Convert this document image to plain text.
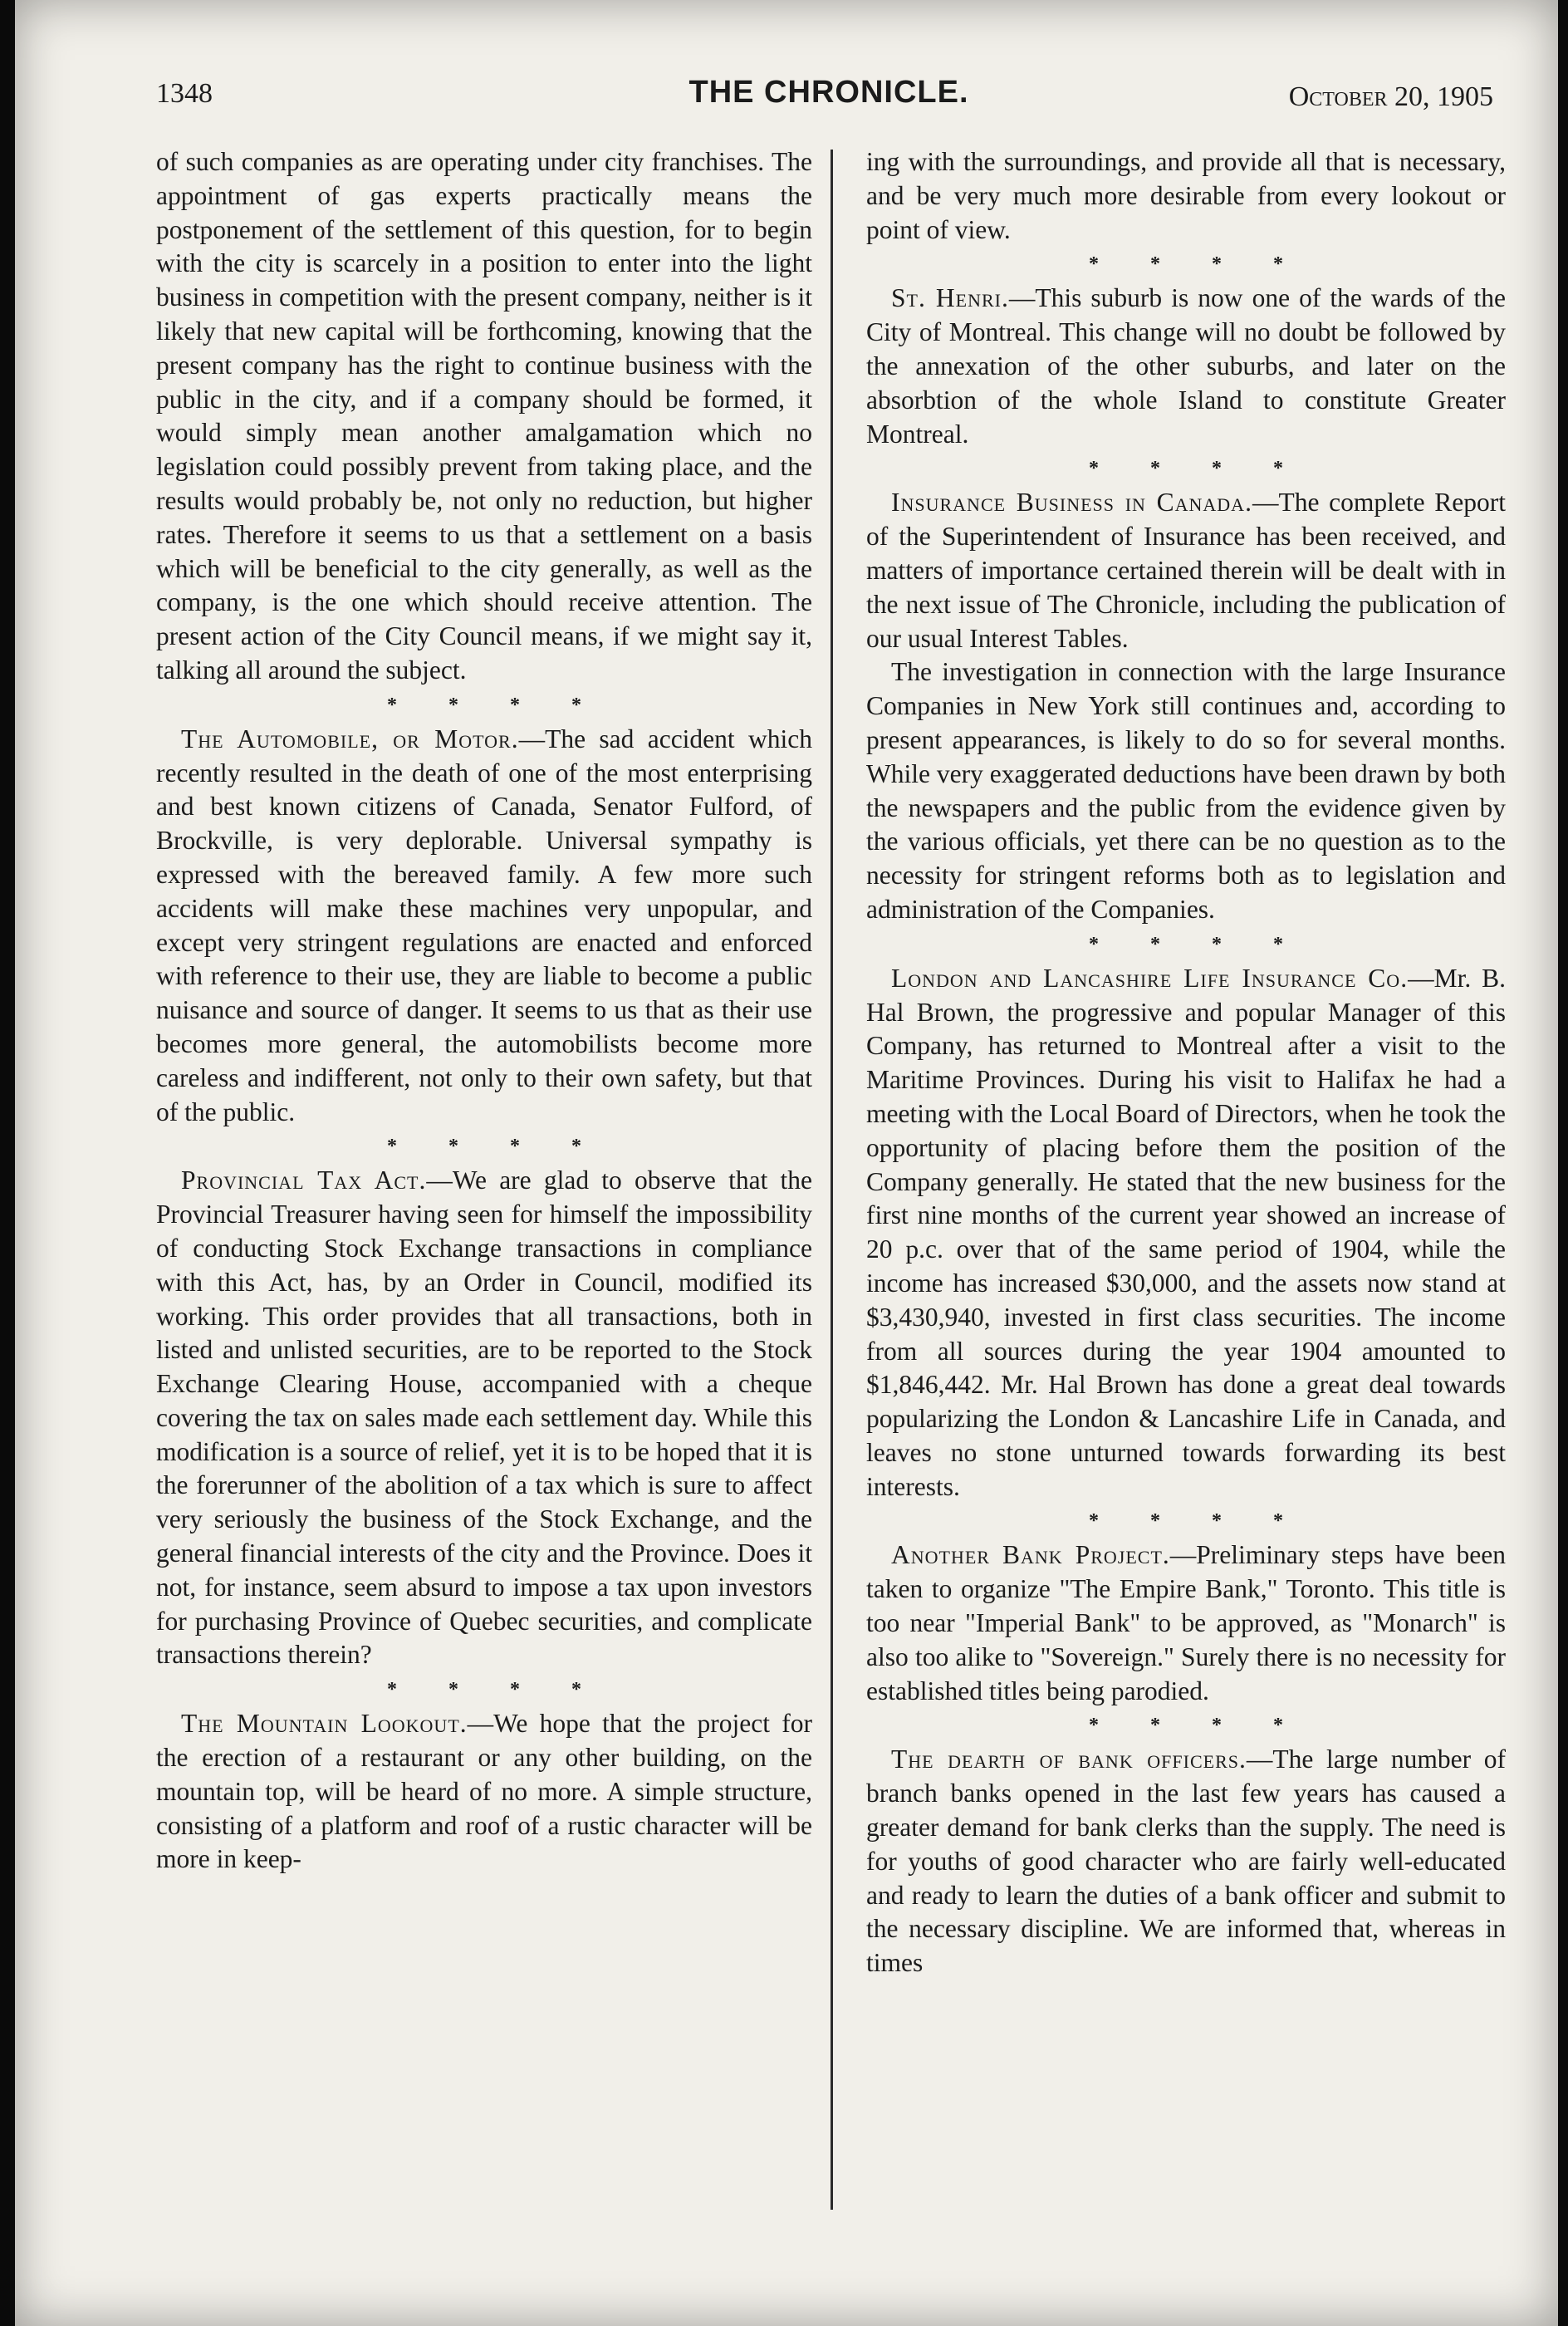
1348	THE CHRONICLE.	October 20, 1905

of such companies as are operating under city franchises. The appointment of gas experts practically means the postponement of the settlement of this question, for to begin with the city is scarcely in a position to enter into the light business in competition with the present company, neither is it likely that new capital will be forthcoming, knowing that the present company has the right to continue business with the public in the city, and if a company should be formed, it would simply mean another amalgamation which no legislation could possibly prevent from taking place, and the results would probably be, not only no reduction, but higher rates. Therefore it seems to us that a settlement on a basis which will be beneficial to the city generally, as well as the company, is the one which should receive attention. The present action of the City Council means, if we might say it, talking all around the subject.

* * * *

The Automobile, or Motor.—The sad accident which recently resulted in the death of one of the most enterprising and best known citizens of Canada, Senator Fulford, of Brockville, is very deplorable. Universal sympathy is expressed with the bereaved family. A few more such accidents will make these machines very unpopular, and except very stringent regulations are enacted and enforced with reference to their use, they are liable to become a public nuisance and source of danger. It seems to us that as their use becomes more general, the automobilists become more careless and indifferent, not only to their own safety, but that of the public.

* * * *

Provincial Tax Act.—We are glad to observe that the Provincial Treasurer having seen for himself the impossibility of conducting Stock Exchange transactions in compliance with this Act, has, by an Order in Council, modified its working. This order provides that all transactions, both in listed and unlisted securities, are to be reported to the Stock Exchange Clearing House, accompanied with a cheque covering the tax on sales made each settlement day. While this modification is a source of relief, yet it is to be hoped that it is the forerunner of the abolition of a tax which is sure to affect very seriously the business of the Stock Exchange, and the general financial interests of the city and the Province. Does it not, for instance, seem absurd to impose a tax upon investors for purchasing Province of Quebec securities, and complicate transactions therein?

* * * *

The Mountain Lookout.—We hope that the project for the erection of a restaurant or any other building, on the mountain top, will be heard of no more. A simple structure, consisting of a platform and roof of a rustic character will be more in keep-

ing with the surroundings, and provide all that is necessary, and be very much more desirable from every lookout or point of view.

* * * *

St. Henri.—This suburb is now one of the wards of the City of Montreal. This change will no doubt be followed by the annexation of the other suburbs, and later on the absorbtion of the whole Island to constitute Greater Montreal.

* * * *

Insurance Business in Canada.—The complete Report of the Superintendent of Insurance has been received, and matters of importance certained therein will be dealt with in the next issue of The Chronicle, including the publication of our usual Interest Tables.

The investigation in connection with the large Insurance Companies in New York still continues and, according to present appearances, is likely to do so for several months. While very exaggerated deductions have been drawn by both the newspapers and the public from the evidence given by the various officials, yet there can be no question as to the necessity for stringent reforms both as to legislation and administration of the Companies.

* * * *

London and Lancashire Life Insurance Co.—Mr. B. Hal Brown, the progressive and popular Manager of this Company, has returned to Montreal after a visit to the Maritime Provinces. During his visit to Halifax he had a meeting with the Local Board of Directors, when he took the opportunity of placing before them the position of the Company generally. He stated that the new business for the first nine months of the current year showed an increase of 20 p.c. over that of the same period of 1904, while the income has increased $30,000, and the assets now stand at $3,430,940, invested in first class securities. The income from all sources during the year 1904 amounted to $1,846,442. Mr. Hal Brown has done a great deal towards popularizing the London & Lancashire Life in Canada, and leaves no stone unturned towards forwarding its best interests.

* * * *

Another Bank Project.—Preliminary steps have been taken to organize "The Empire Bank," Toronto. This title is too near "Imperial Bank" to be approved, as "Monarch" is also too alike to "Sovereign." Surely there is no necessity for established titles being parodied.

* * * *

The dearth of bank officers.—The large number of branch banks opened in the last few years has caused a greater demand for bank clerks than the supply. The need is for youths of good character who are fairly well-educated and ready to learn the duties of a bank officer and submit to the necessary discipline. We are informed that, whereas in times
